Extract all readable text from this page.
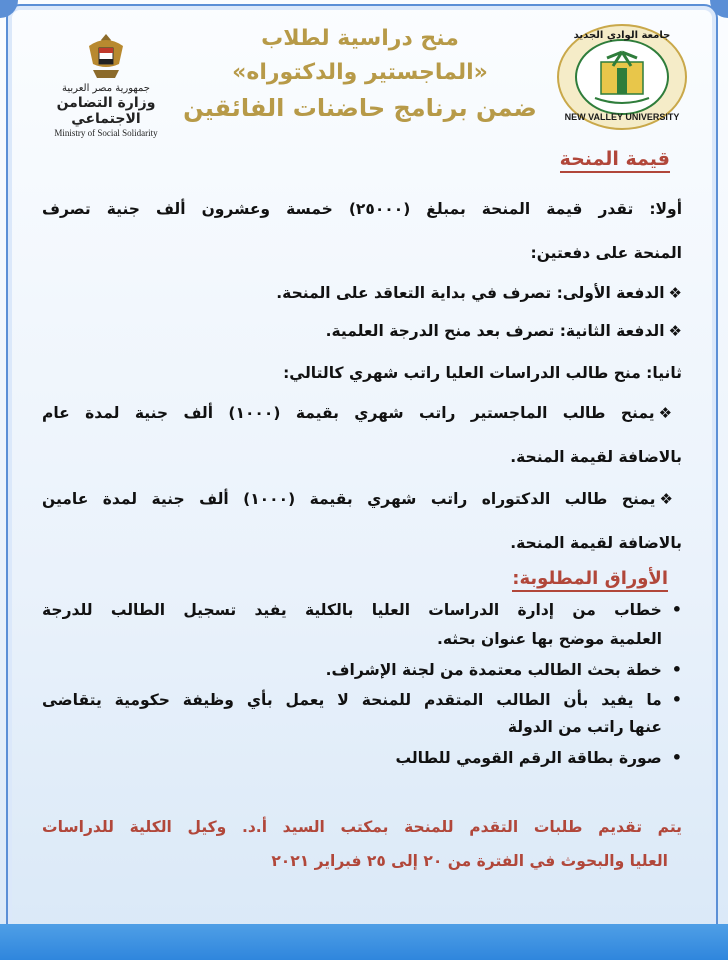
NEW VALLEY UNIVERSITY
جامعة الوادي الجديد
جمهورية مصر العربية
وزارة التضامن الاجتماعي
Ministry of Social Solidarity
منح دراسية لطلاب
«الماجستير والدكتوراه»
ضمن برنامج حاضنات الفائقين
قيمة المنحة
أولا: تقدر قيمة المنحة بمبلغ (٢٥٠٠٠) خمسة وعشرون ألف جنية تصرف
المنحة على دفعتين:
❖الدفعة الأولى: تصرف في بداية التعاقد على المنحة.
❖الدفعة الثانية: تصرف بعد منح الدرجة العلمية.
ثانيا: منح طالب الدراسات العليا راتب شهري كالتالي:
❖يمنح طالب الماجستير راتب شهري بقيمة (١٠٠٠) ألف جنية لمدة عام
بالاضافة لقيمة المنحة.
❖يمنح طالب الدكتوراه راتب شهري بقيمة (١٠٠٠) ألف جنية لمدة عامين
بالاضافة لقيمة المنحة.
الأوراق المطلوبة:
•خطاب من إدارة الدراسات العليا بالكلية يفيد تسجيل الطالب للدرجة
العلمية موضح بها عنوان بحثه.
•خطة بحث الطالب معتمدة من لجنة الإشراف.
•ما يفيد بأن الطالب المتقدم للمنحة لا يعمل بأي وظيفة حكومية يتقاضى
عنها راتب من الدولة
•صورة بطاقة الرقم القومي للطالب
يتم تقديم طلبات التقدم للمنحة بمكتب السيد أ.د. وكيل الكلية للدراسات
العليا والبحوث في الفترة من ٢٠ إلى ٢٥ فبراير ٢٠٢١
